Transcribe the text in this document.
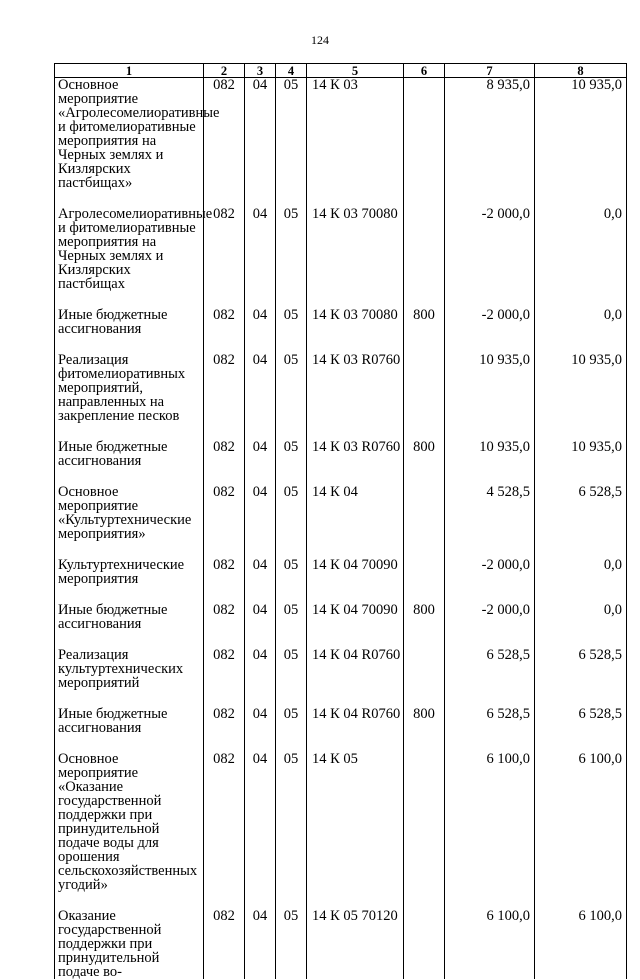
124
1	2	3	4	5	6	7	8
Основное мероприятие «Агролесомелиоративные и фитомелиоративные мероприятия на Черных землях и Кизлярских пастбищах»	082	04	05	14 К 03		8 935,0	10 935,0
Агролесомелиоративные и фитомелиоративные мероприятия на Черных землях и Кизлярских пастбищах	082	04	05	14 К 03 70080		-2 000,0	0,0
Иные бюджетные ассигнования	082	04	05	14 К 03 70080	800	-2 000,0	0,0
Реализация фитомелиоративных мероприятий, направленных на закрепление песков	082	04	05	14 К 03 R0760		10 935,0	10 935,0
Иные бюджетные ассигнования	082	04	05	14 К 03 R0760	800	10 935,0	10 935,0
Основное мероприятие «Культуртехнические мероприятия»	082	04	05	14 К 04		4 528,5	6 528,5
Культуртехнические мероприятия	082	04	05	14 К 04 70090		-2 000,0	0,0
Иные бюджетные ассигнования	082	04	05	14 К 04 70090	800	-2 000,0	0,0
Реализация культуртехнических мероприятий	082	04	05	14 К 04 R0760		6 528,5	6 528,5
Иные бюджетные ассигнования	082	04	05	14 К 04 R0760	800	6 528,5	6 528,5
Основное мероприятие «Оказание государственной поддержки при принудительной подаче воды для орошения сельскохозяйственных угодий»	082	04	05	14 К 05		6 100,0	6 100,0
Оказание государственной поддержки при принудительной подаче во-	082	04	05	14 К 05 70120		6 100,0	6 100,0
